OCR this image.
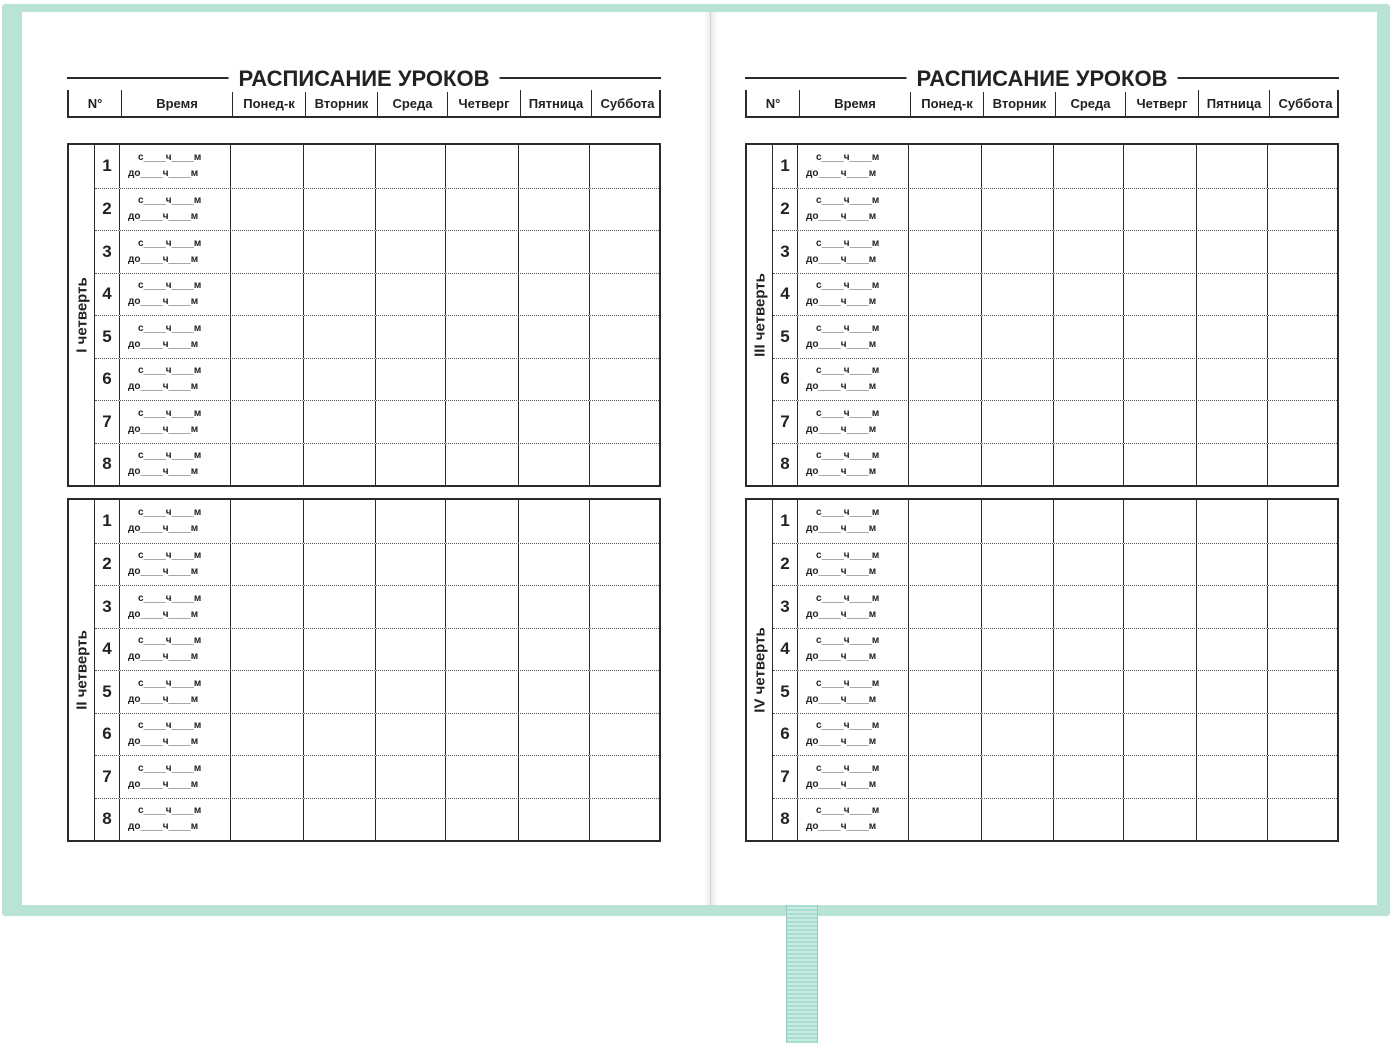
РАСПИСАНИЕ УРОКОВ
N°	Время	Понед-к	Вторник	Среда	Четверг	Пятница	Суббота
I четверть
1	с____ч____м
до____ч____м
2	с____ч____м
до____ч____м
3	с____ч____м
до____ч____м
4	с____ч____м
до____ч____м
5	с____ч____м
до____ч____м
6	с____ч____м
до____ч____м
7	с____ч____м
до____ч____м
8	с____ч____м
до____ч____м
II четверть
1	с____ч____м
до____ч____м
2	с____ч____м
до____ч____м
3	с____ч____м
до____ч____м
4	с____ч____м
до____ч____м
5	с____ч____м
до____ч____м
6	с____ч____м
до____ч____м
7	с____ч____м
до____ч____м
8	с____ч____м
до____ч____м
РАСПИСАНИЕ УРОКОВ
N°	Время	Понед-к	Вторник	Среда	Четверг	Пятница	Суббота
III четверть
1	с____ч____м
до____ч____м
2	с____ч____м
до____ч____м
3	с____ч____м
до____ч____м
4	с____ч____м
до____ч____м
5	с____ч____м
до____ч____м
6	с____ч____м
до____ч____м
7	с____ч____м
до____ч____м
8	с____ч____м
до____ч____м
IV четверть
1	с____ч____м
до____ч____м
2	с____ч____м
до____ч____м
3	с____ч____м
до____ч____м
4	с____ч____м
до____ч____м
5	с____ч____м
до____ч____м
6	с____ч____м
до____ч____м
7	с____ч____м
до____ч____м
8	с____ч____м
до____ч____м
